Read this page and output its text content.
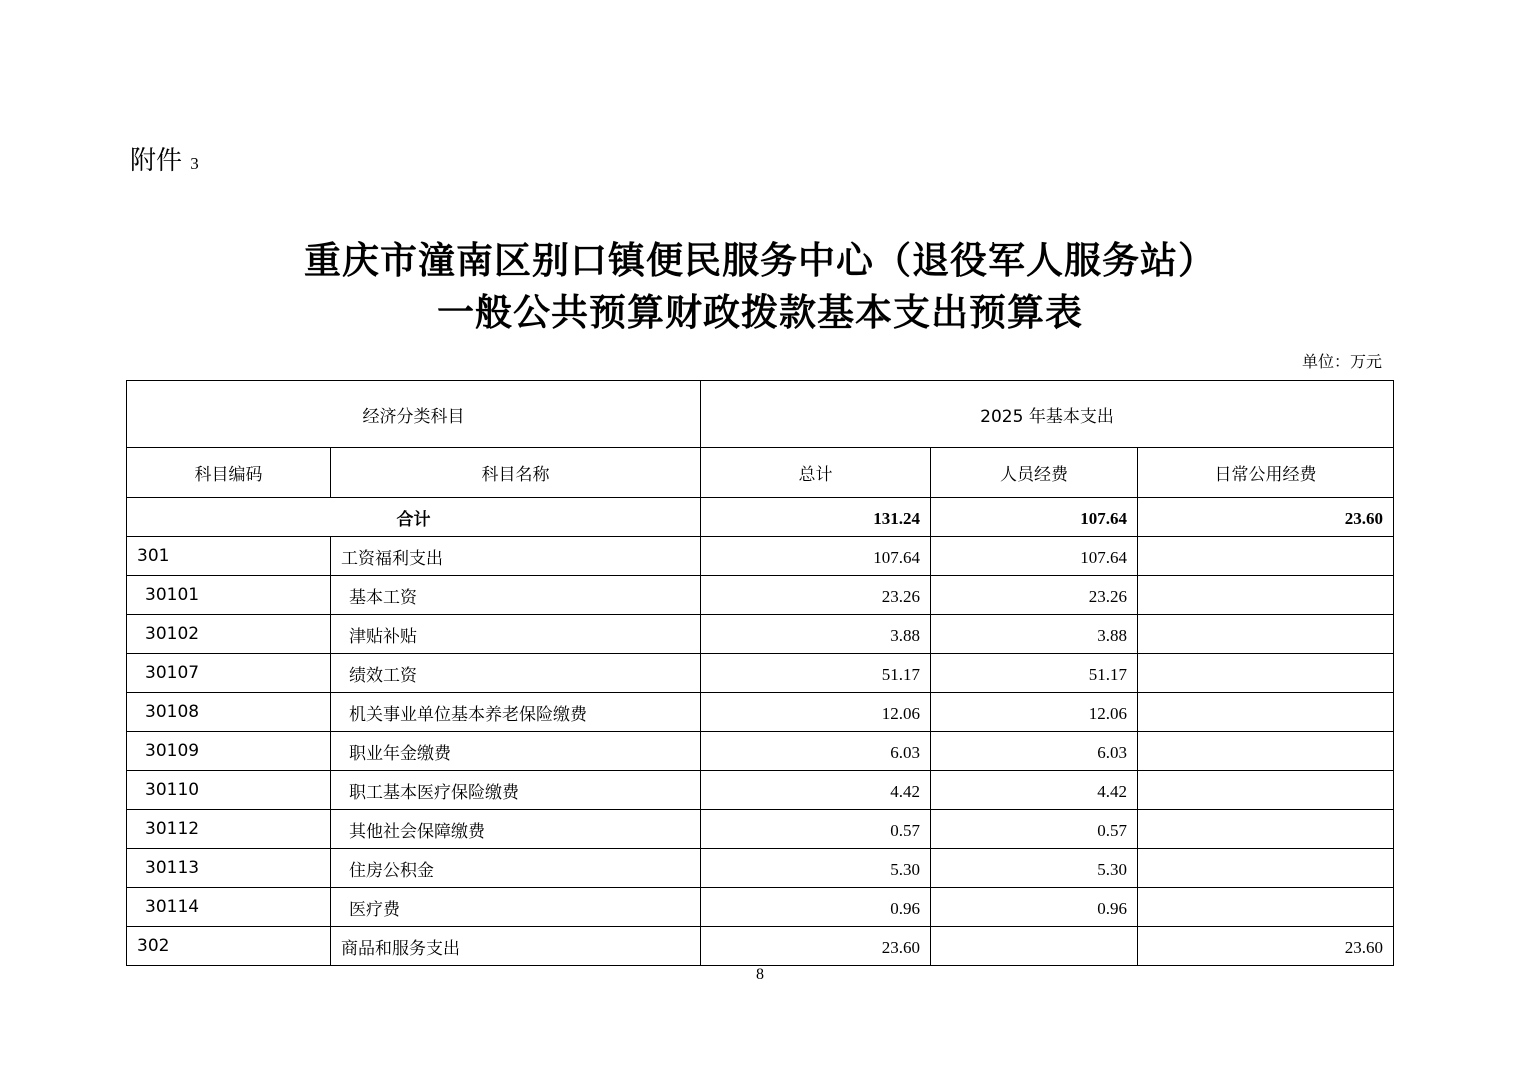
附件 3
重庆市潼南区别口镇便民服务中心（退役军人服务站）
一般公共预算财政拨款基本支出预算表
单位：万元
经济分类科目		2025 年基本支出		
科目编码	科目名称	总计	人员经费	日常公用经费
合计		131.24	107.64	23.60
301	工资福利支出	107.64	107.64	
30101	基本工资	23.26	23.26	
30102	津贴补贴	3.88	3.88	
30107	绩效工资	51.17	51.17	
30108	机关事业单位基本养老保险缴费	12.06	12.06	
30109	职业年金缴费	6.03	6.03	
30110	职工基本医疗保险缴费	4.42	4.42	
30112	其他社会保障缴费	0.57	0.57	
30113	住房公积金	5.30	5.30	
30114	医疗费	0.96	0.96	
302	商品和服务支出	23.60		23.60
8
